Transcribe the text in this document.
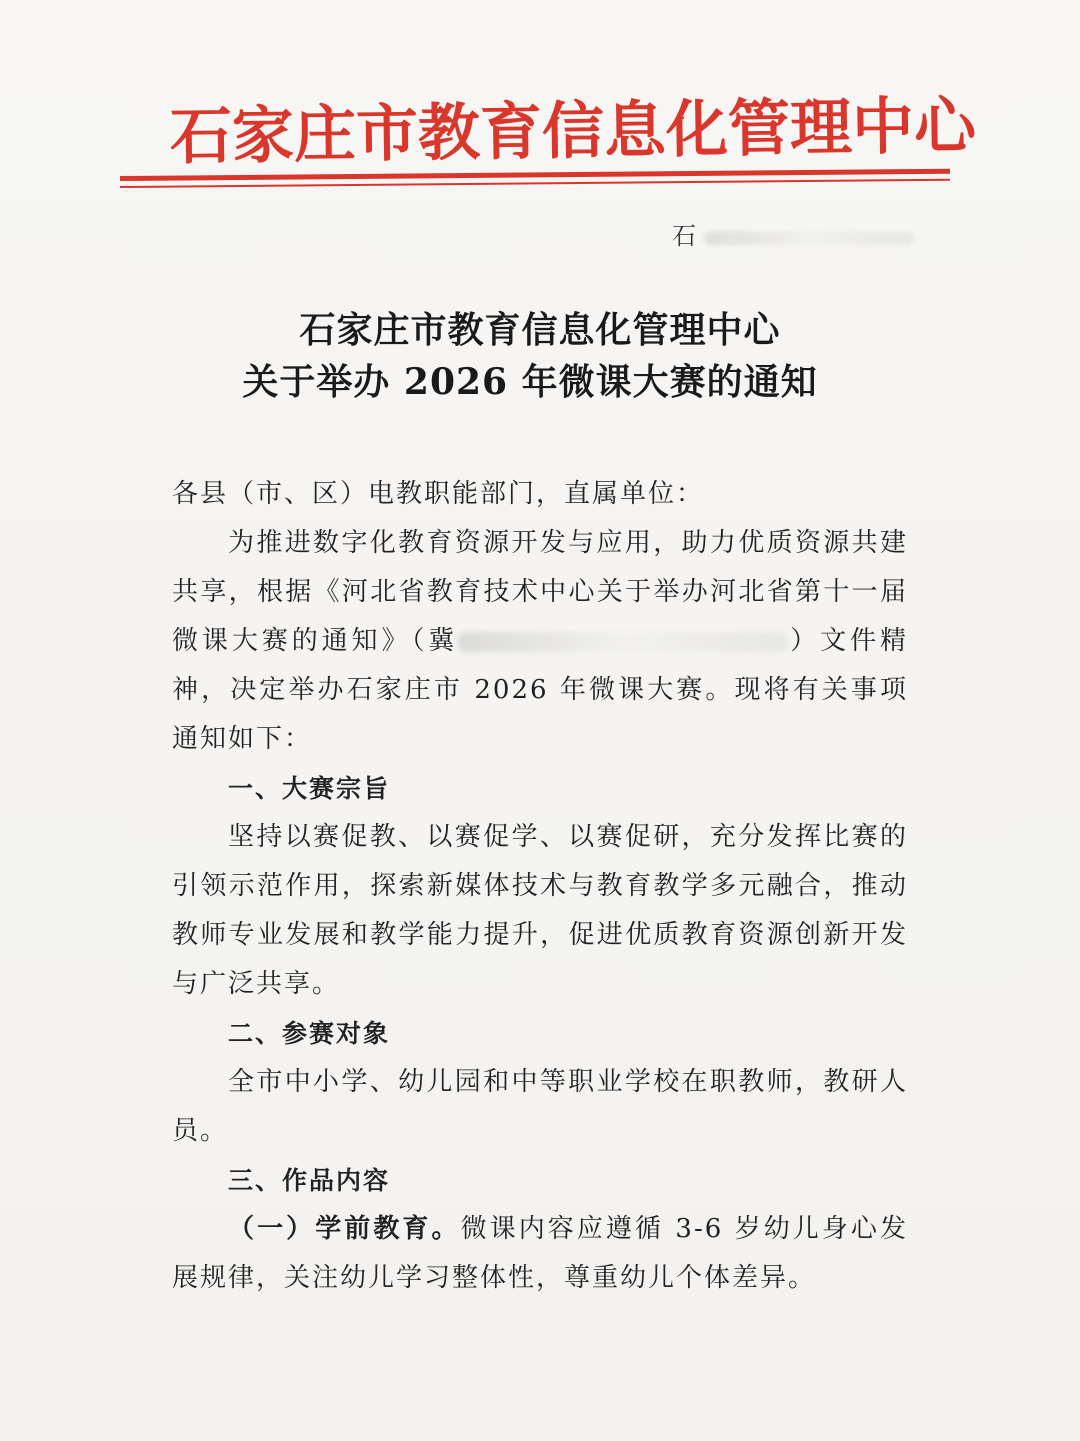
石家庄市教育信息化管理中心
石
石家庄市教育信息化管理中心
关于举办 2026 年微课大赛的通知

各县（市、区）电教职能部门，直属单位：

为推进数字化教育资源开发与应用，助力优质资源共建共享，根据《河北省教育技术中心关于举办河北省第十一届微课大赛的通知》（冀	）文件精神，决定举办石家庄市 2026 年微课大赛。现将有关事项通知如下：

一、大赛宗旨

坚持以赛促教、以赛促学、以赛促研，充分发挥比赛的引领示范作用，探索新媒体技术与教育教学多元融合，推动教师专业发展和教学能力提升，促进优质教育资源创新开发与广泛共享。

二、参赛对象

全市中小学、幼儿园和中等职业学校在职教师，教研人员。

三、作品内容

（一）学前教育。微课内容应遵循 3-6 岁幼儿身心发展规律，关注幼儿学习整体性，尊重幼儿个体差异。
